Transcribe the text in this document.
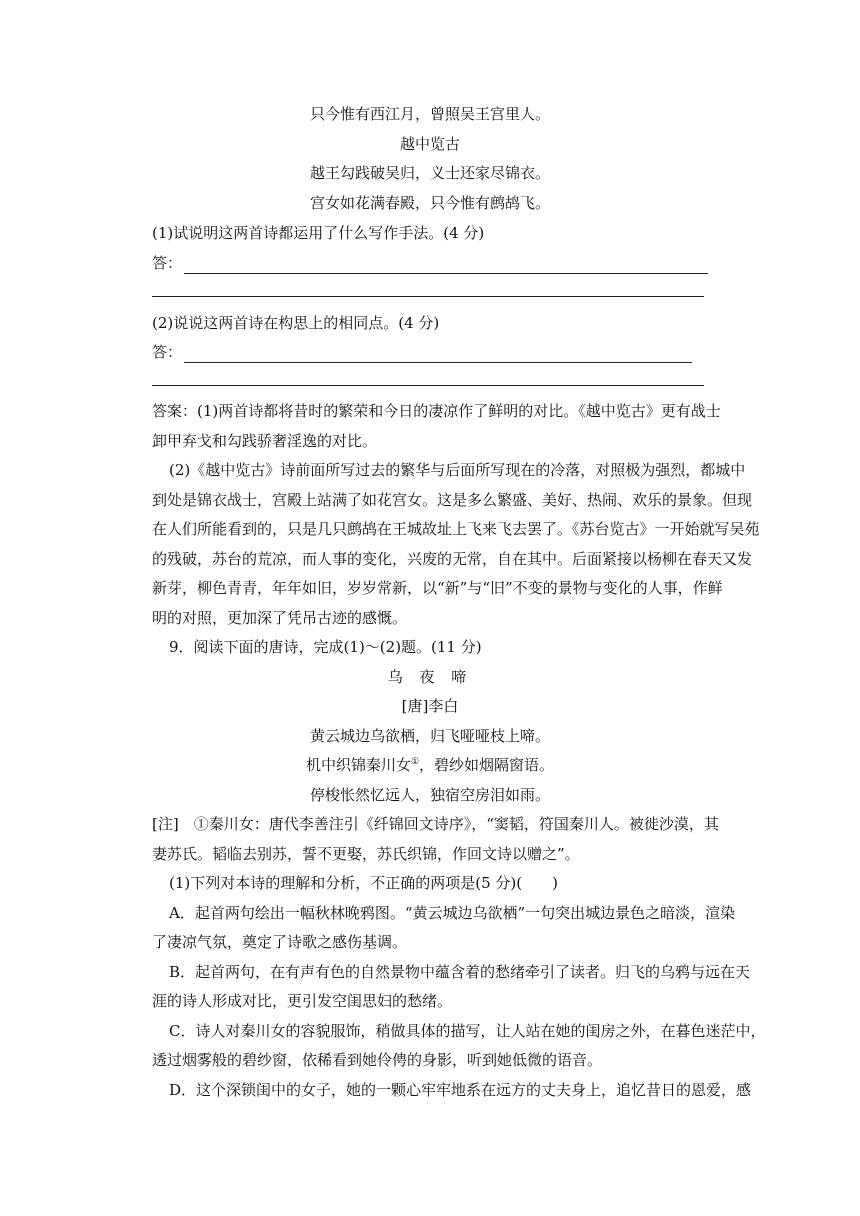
只今惟有西江月，曾照吴王宫里人。
越中览古
越王勾践破吴归，义士还家尽锦衣。
宫女如花满春殿，只今惟有鹧鸪飞。
(1)试说明这两首诗都运用了什么写作手法。(4 分)
答：
(2)说说这两首诗在构思上的相同点。(4 分)
答：
答案：(1)两首诗都将昔时的繁荣和今日的凄凉作了鲜明的对比。《越中览古》更有战士
卸甲弃戈和勾践骄奢淫逸的对比。
(2)《越中览古》诗前面所写过去的繁华与后面所写现在的冷落，对照极为强烈，都城中
到处是锦衣战士，宫殿上站满了如花宫女。这是多么繁盛、美好、热闹、欢乐的景象。但现
在人们所能看到的，只是几只鹧鸪在王城故址上飞来飞去罢了。《苏台览古》一开始就写吴苑
的残破，苏台的荒凉，而人事的变化，兴废的无常，自在其中。后面紧接以杨柳在春天又发
新芽，柳色青青，年年如旧，岁岁常新，以“新”与“旧”不变的景物与变化的人事，作鲜
明的对照，更加深了凭吊古迹的感慨。
9．阅读下面的唐诗，完成(1)～(2)题。(11 分)
乌 夜 啼
[唐]李白
黄云城边乌欲栖，归飞哑哑枝上啼。
机中织锦秦川女①，碧纱如烟隔窗语。
停梭怅然忆远人，独宿空房泪如雨。
[注]　①秦川女：唐代李善注引《纤锦回文诗序》，“窦韬，符国秦川人。被徙沙漠，其
妻苏氏。韬临去别苏，誓不更娶，苏氏织锦，作回文诗以赠之”。
(1)下列对本诗的理解和分析，不正确的两项是(5 分)(　　)
A．起首两句绘出一幅秋林晚鸦图。“黄云城边乌欲栖”一句突出城边景色之暗淡，渲染
了凄凉气氛，奠定了诗歌之感伤基调。
B．起首两句，在有声有色的自然景物中蕴含着的愁绪牵引了读者。归飞的乌鸦与远在天
涯的诗人形成对比，更引发空闺思妇的愁绪。
C．诗人对秦川女的容貌服饰，稍做具体的描写，让人站在她的闺房之外，在暮色迷茫中，
透过烟雾般的碧纱窗，依稀看到她伶俜的身影，听到她低微的语音。
D．这个深锁闺中的女子，她的一颗心牢牢地系在远方的丈夫身上，追忆昔日的恩爱，感
